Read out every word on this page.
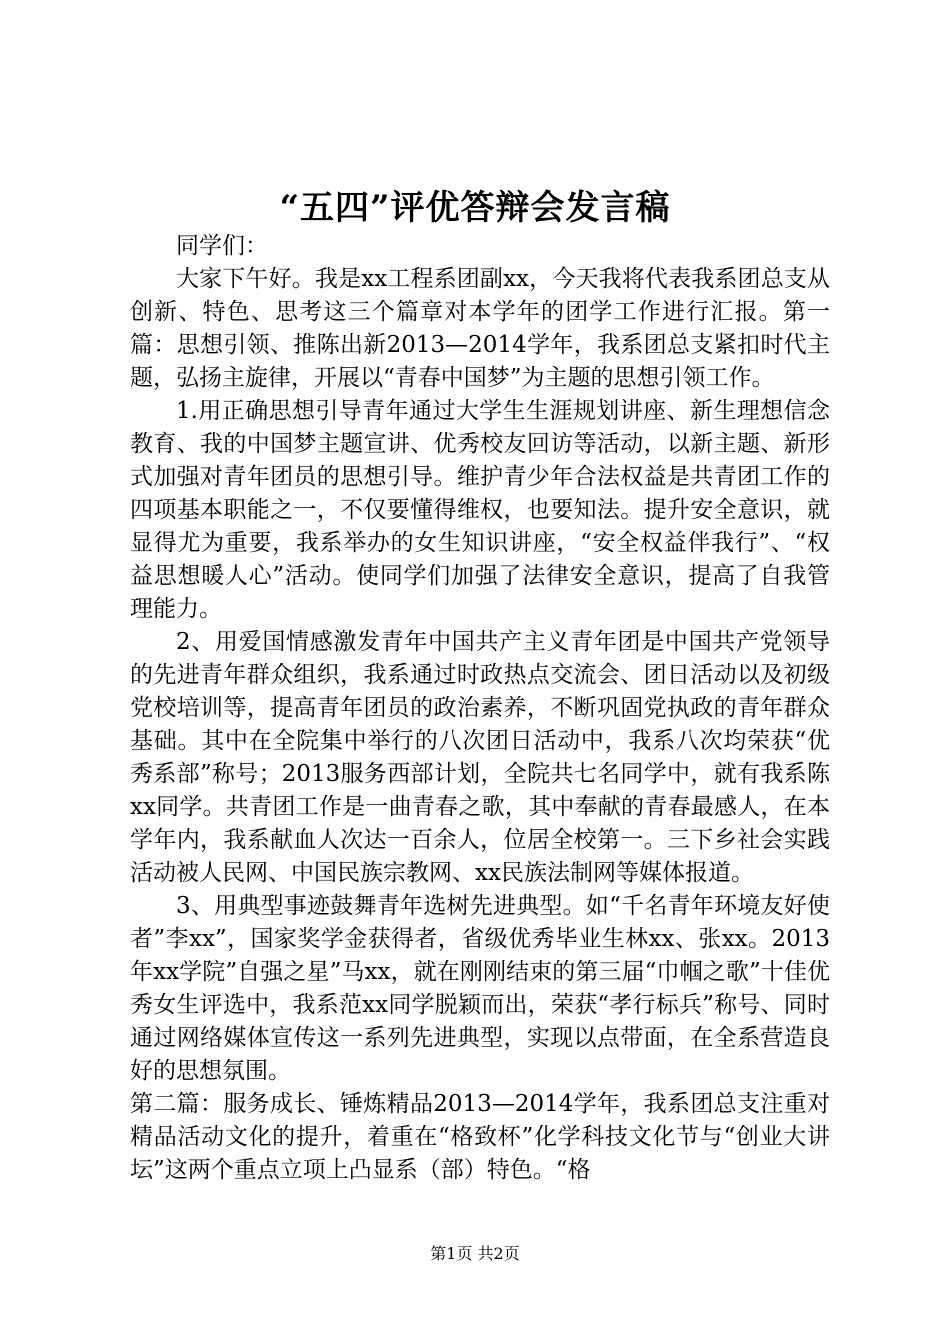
“五四”评优答辩会发言稿

同学们：

大家下午好。我是xx工程系团副xx，今天我将代表我系团总支从创新、特色、思考这三个篇章对本学年的团学工作进行汇报。第一篇：思想引领、推陈出新2013—2014学年，我系团总支紧扣时代主题，弘扬主旋律，开展以“青春中国梦”为主题的思想引领工作。

1.用正确思想引导青年通过大学生生涯规划讲座、新生理想信念教育、我的中国梦主题宣讲、优秀校友回访等活动，以新主题、新形式加强对青年团员的思想引导。维护青少年合法权益是共青团工作的四项基本职能之一，不仅要懂得维权，也要知法。提升安全意识，就显得尤为重要，我系举办的女生知识讲座，“安全权益伴我行”、“权益思想暖人心”活动。使同学们加强了法律安全意识，提高了自我管理能力。

2、用爱国情感激发青年中国共产主义青年团是中国共产党领导的先进青年群众组织，我系通过时政热点交流会、团日活动以及初级党校培训等，提高青年团员的政治素养，不断巩固党执政的青年群众基础。其中在全院集中举行的八次团日活动中，我系八次均荣获“优秀系部”称号；2013服务西部计划，全院共七名同学中，就有我系陈xx同学。共青团工作是一曲青春之歌，其中奉献的青春最感人，在本学年内，我系献血人次达一百余人，位居全校第一。三下乡社会实践活动被人民网、中国民族宗教网、xx民族法制网等媒体报道。

3、用典型事迹鼓舞青年选树先进典型。如“千名青年环境友好使者”李xx”，国家奖学金获得者，省级优秀毕业生林xx、张xx。2013年xx学院”自强之星”马xx，就在刚刚结束的第三届“巾帼之歌”十佳优秀女生评选中，我系范xx同学脱颖而出，荣获“孝行标兵”称号、同时通过网络媒体宣传这一系列先进典型，实现以点带面，在全系营造良好的思想氛围。

第二篇：服务成长、锤炼精品2013—2014学年，我系团总支注重对精品活动文化的提升，着重在“格致杯”化学科技文化节与“创业大讲坛”这两个重点立项上凸显系（部）特色。“格

第1页 共2页
